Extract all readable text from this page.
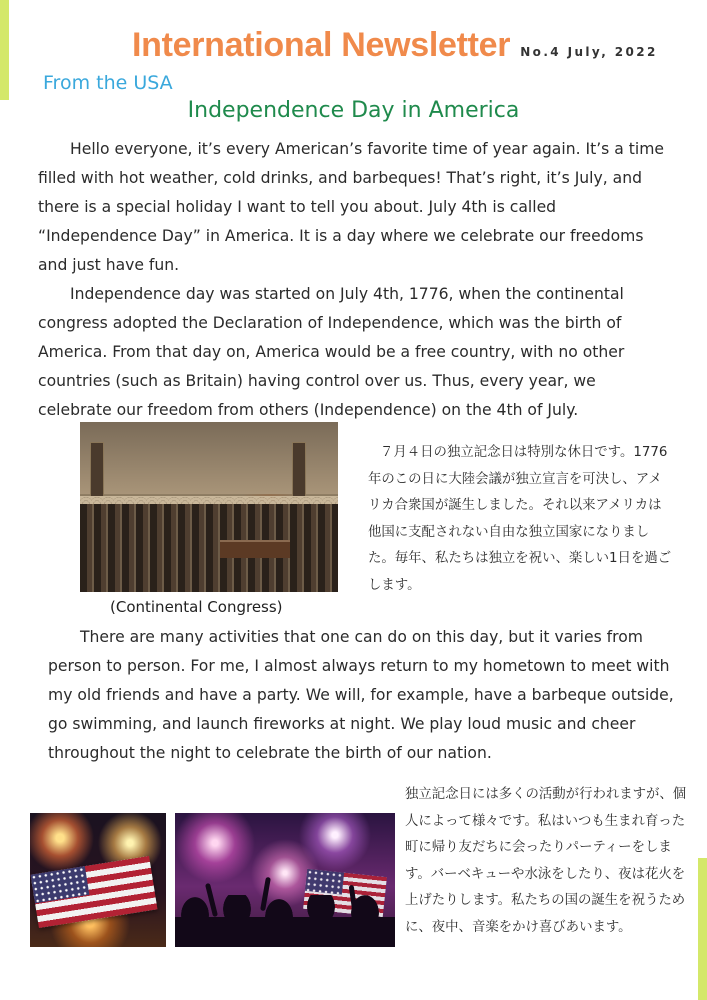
International Newsletter No.4 July, 2022
From the USA
Independence Day in America

Hello everyone, it’s every American’s favorite time of year again. It’s a time filled with hot weather, cold drinks, and barbeques! That’s right, it’s July, and there is a special holiday I want to tell you about. July 4th is called “Independence Day” in America. It is a day where we celebrate our freedoms and just have fun.

Independence day was started on July 4th, 1776, when the continental congress adopted the Declaration of Independence, which was the birth of America. From that day on, America would be a free country, with no other countries (such as Britain) having control over us. Thus, every year, we celebrate our freedom from others (Independence) on the 4th of July.

７月４日の独立記念日は特別な休日です。1776年のこの日に大陸会議が独立宣言を可決し、アメリカ合衆国が誕生しました。それ以来アメリカは他国に支配されない自由な独立国家になりました。毎年、私たちは独立を祝い、楽しい1日を過ごします。

(Continental Congress)

There are many activities that one can do on this day, but it varies from person to person. For me, I almost always return to my hometown to meet with my old friends and have a party. We will, for example, have a barbeque outside, go swimming, and launch fireworks at night. We play loud music and cheer throughout the night to celebrate the birth of our nation.

独立記念日には多くの活動が行われますが、個人によって様々です。私はいつも生まれ育った町に帰り友だちに会ったりパーティーをします。バーベキューや水泳をしたり、夜は花火を上げたりします。私たちの国の誕生を祝うために、夜中、音楽をかけ喜びあいます。
